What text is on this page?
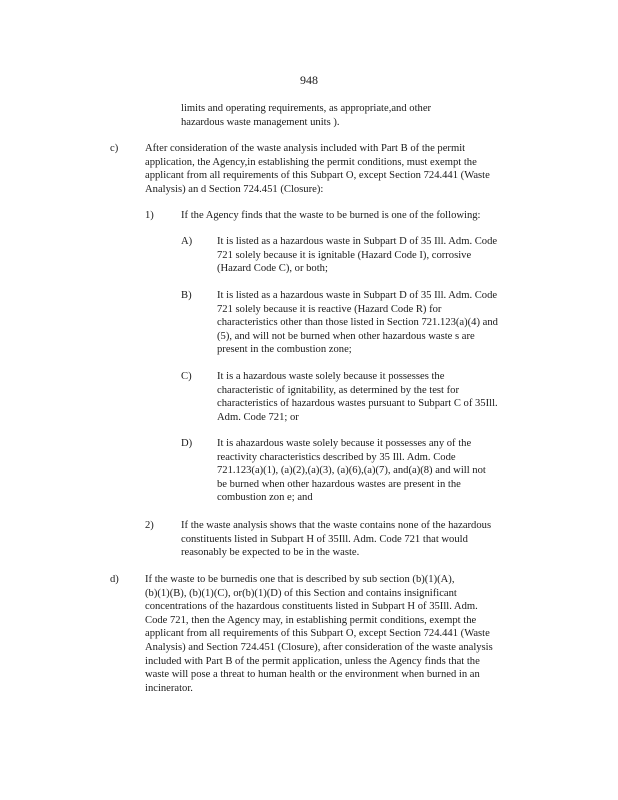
948
limits and operating requirements, as appropriate,and other
hazardous waste management units ).
c)	After consideration of the waste analysis included with Part B of the permit
application, the Agency,in establishing the permit conditions, must exempt the
applicant from all requirements of this Subpart O, except Section 724.441 (Waste
Analysis) an d Section 724.451 (Closure):
1)	If the Agency finds that the waste to be burned is one of the following:
A) It is listed as a hazardous waste in Subpart D of 35 Ill. Adm. Code
721 solely because it is ignitable (Hazard Code I), corrosive
(Hazard Code C), or both;
B) It is listed as a hazardous waste in Subpart D of 35 Ill. Adm. Code
721 solely because it is reactive (Hazard Code R) for
characteristics other than those listed in Section 721.123(a)(4) and
(5), and will not be burned when other hazardous waste s are
present in the combustion zone;
C) It is a hazardous waste solely because it possesses the
characteristic of ignitability, as determined by the test for
characteristics of hazardous wastes pursuant to Subpart C of 35Ill.
Adm. Code 721; or
D) It is ahazardous waste solely because it possesses any of the
reactivity characteristics described by 35 Ill. Adm. Code
721.123(a)(1), (a)(2),(a)(3), (a)(6),(a)(7), and(a)(8) and will not
be burned when other hazardous wastes are present in the
combustion zon e; and
2)	If the waste analysis shows that the waste contains none of the hazardous
constituents listed in Subpart H of 35Ill. Adm. Code 721 that would
reasonably be expected to be in the waste.
d) If the waste to be burnedis one that is described by sub section (b)(1)(A),
(b)(1)(B), (b)(1)(C), or(b)(1)(D) of this Section and contains insignificant
concentrations of the hazardous constituents listed in Subpart H of 35Ill. Adm.
Code 721, then the Agency may, in establishing permit conditions, exempt the
applicant from all requirements of this Subpart O, except Section 724.441 (Waste
Analysis) and Section 724.451 (Closure), after consideration of the waste analysis
included with Part B of the permit application, unless the Agency finds that the
waste will pose a threat to human health or the environment when burned in an
incinerator.
